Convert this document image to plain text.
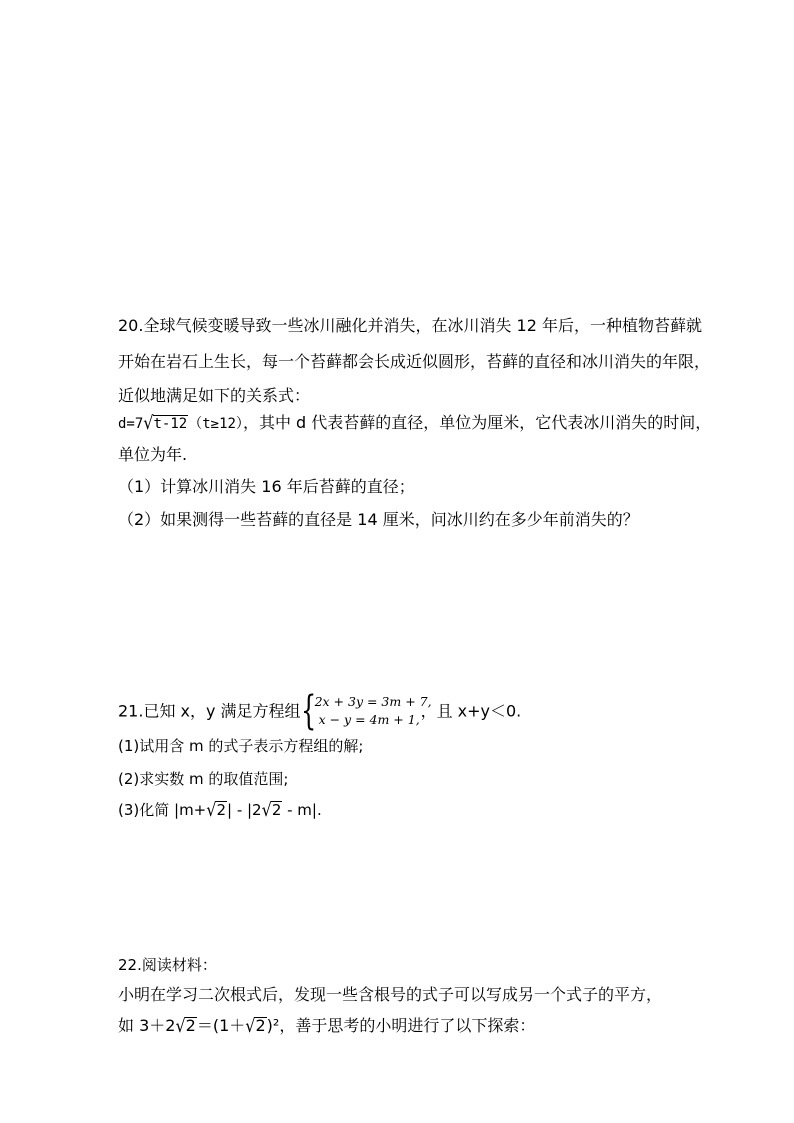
20.全球气候变暖导致一些冰川融化并消失，在冰川消失 12 年后，一种植物苔藓就
开始在岩石上生长，每一个苔藓都会长成近似圆形，苔藓的直径和冰川消失的年限，
近似地满足如下的关系式：
d=7√t-12（t≥12），其中 d 代表苔藓的直径，单位为厘米，它代表冰川消失的时间，
单位为年.
（1）计算冰川消失 16 年后苔藓的直径；
（2）如果测得一些苔藓的直径是 14 厘米，问冰川约在多少年前消失的？
21.已知 x，y 满足方程组 {
2x + 3y = 3m + 7,
x − y = 4m + 1, ，且 x+y＜0.
(1)试用含 m 的式子表示方程组的解;
(2)求实数 m 的取值范围;
(3)化简 |m+√2| - |2√2 - m|.
22.阅读材料：
小明在学习二次根式后，发现一些含根号的式子可以写成另一个式子的平方，
如 3＋2√2＝(1＋√2)²，善于思考的小明进行了以下探索：
